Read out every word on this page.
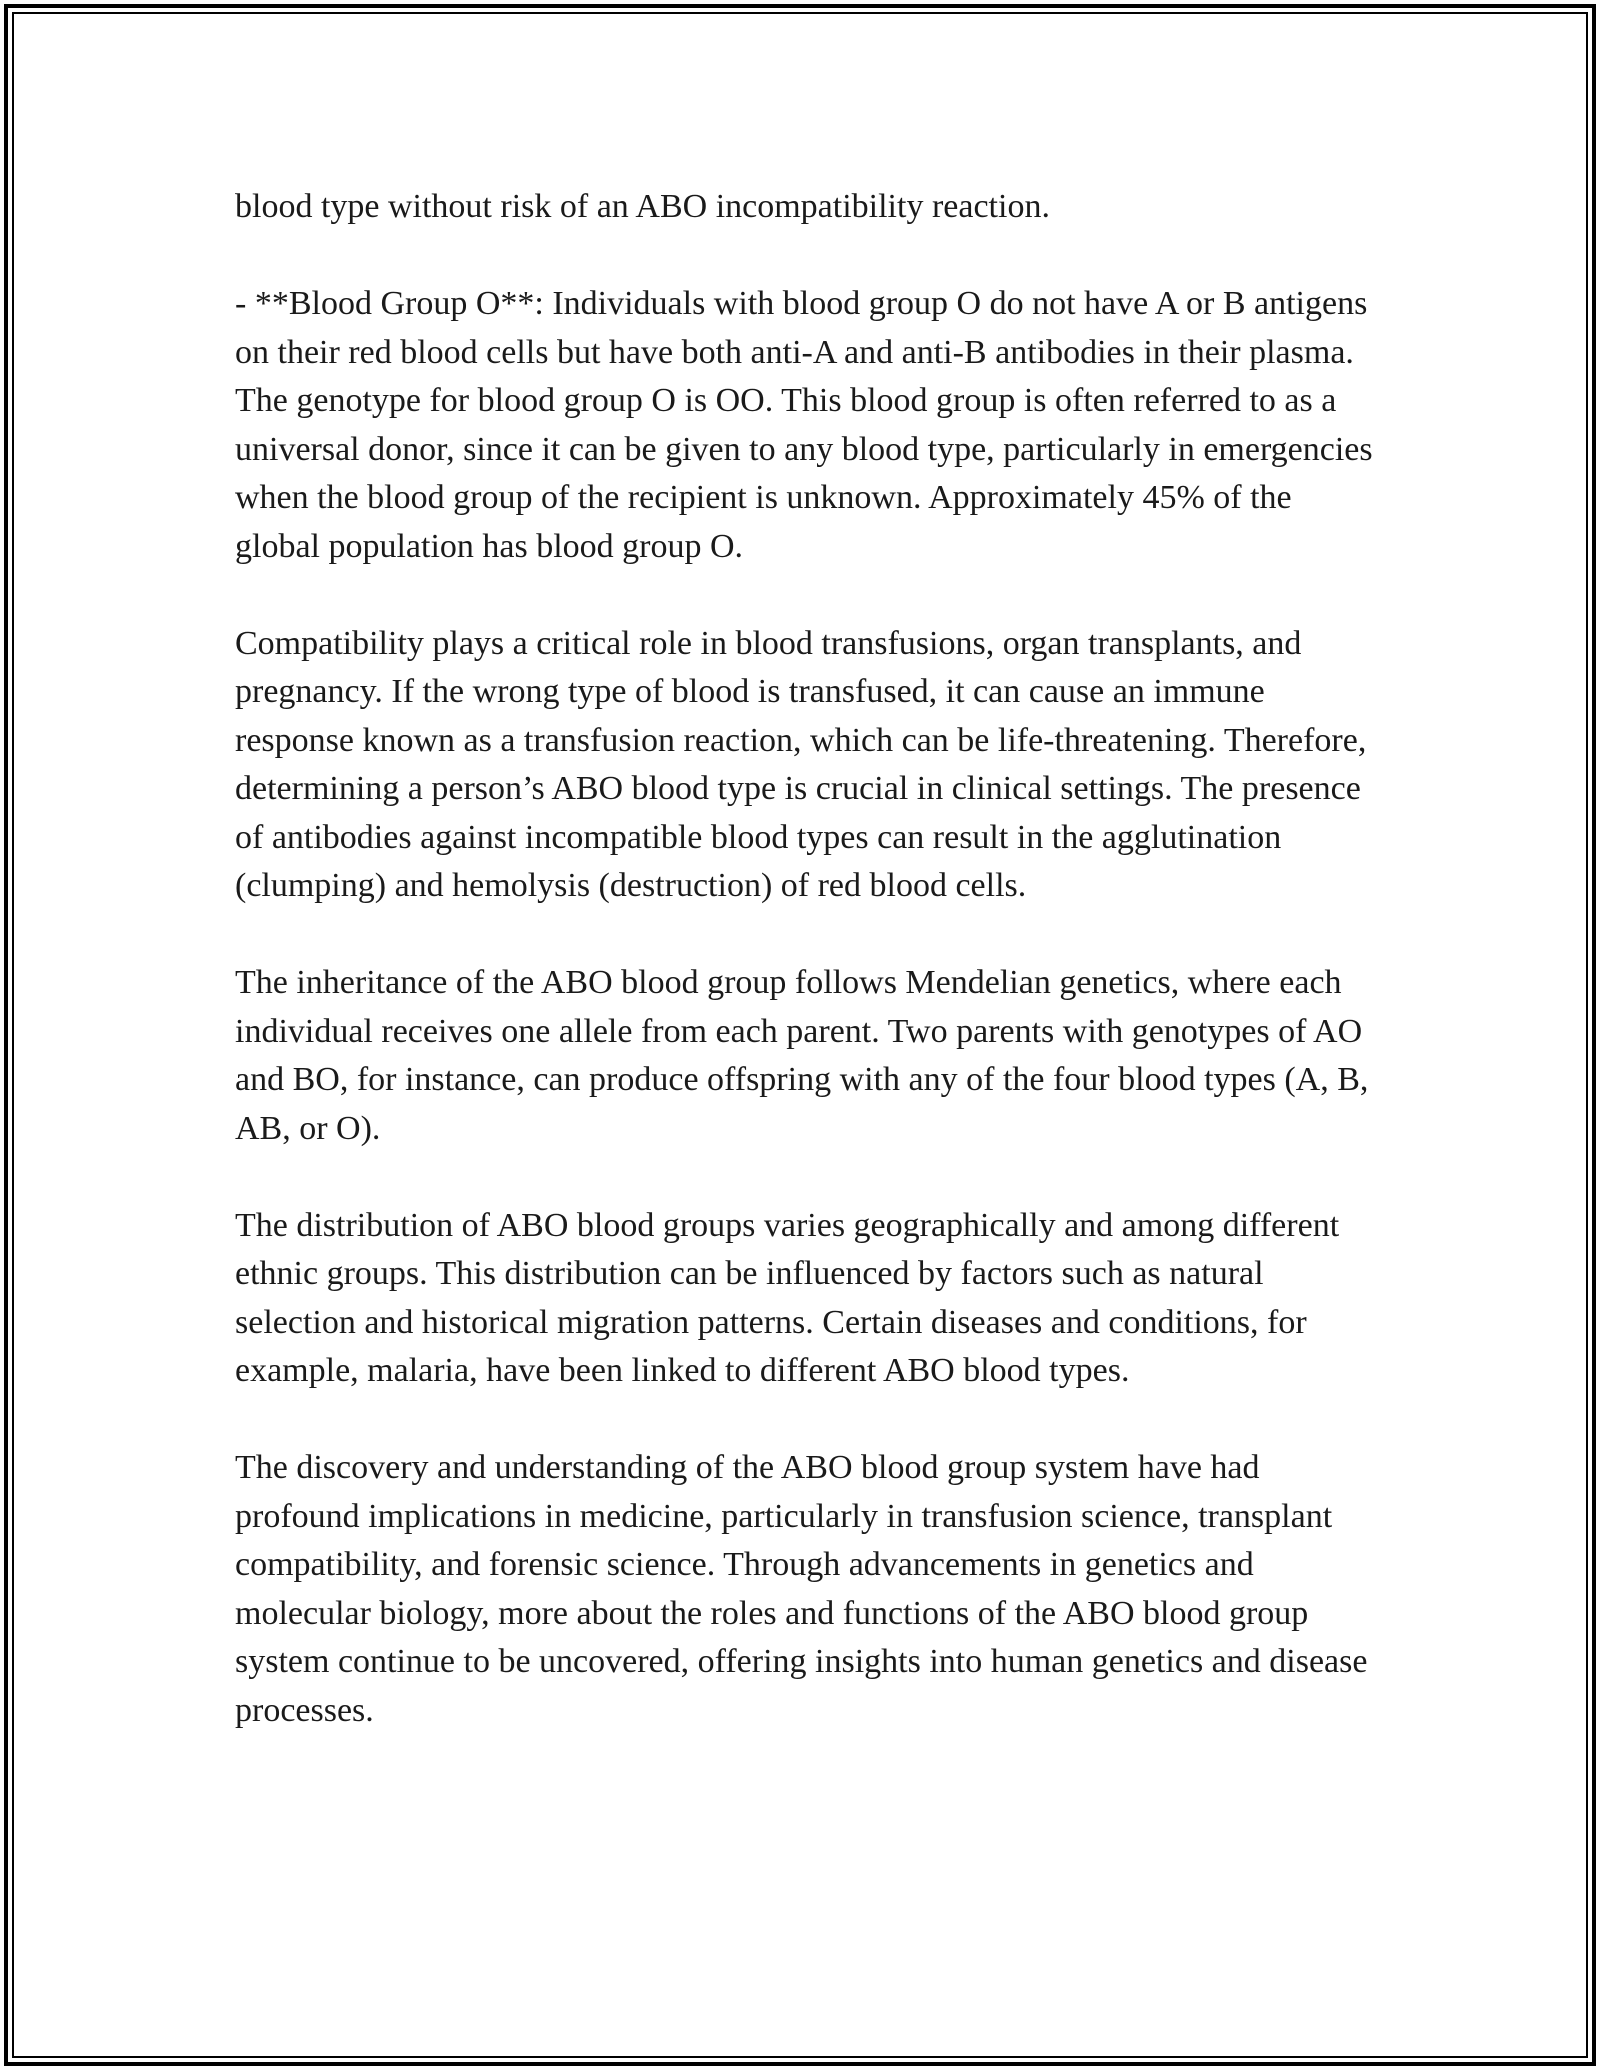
blood type without risk of an ABO incompatibility reaction.

- **Blood Group O**: Individuals with blood group O do not have A or B antigens on their red blood cells but have both anti-A and anti-B antibodies in their plasma. The genotype for blood group O is OO. This blood group is often referred to as a universal donor, since it can be given to any blood type, particularly in emergencies when the blood group of the recipient is unknown. Approximately 45% of the global population has blood group O.

Compatibility plays a critical role in blood transfusions, organ transplants, and pregnancy. If the wrong type of blood is transfused, it can cause an immune response known as a transfusion reaction, which can be life-threatening. Therefore, determining a person’s ABO blood type is crucial in clinical settings. The presence of antibodies against incompatible blood types can result in the agglutination (clumping) and hemolysis (destruction) of red blood cells.

The inheritance of the ABO blood group follows Mendelian genetics, where each individual receives one allele from each parent. Two parents with genotypes of AO and BO, for instance, can produce offspring with any of the four blood types (A, B, AB, or O).

The distribution of ABO blood groups varies geographically and among different ethnic groups. This distribution can be influenced by factors such as natural selection and historical migration patterns. Certain diseases and conditions, for example, malaria, have been linked to different ABO blood types.

The discovery and understanding of the ABO blood group system have had profound implications in medicine, particularly in transfusion science, transplant compatibility, and forensic science. Through advancements in genetics and molecular biology, more about the roles and functions of the ABO blood group system continue to be uncovered, offering insights into human genetics and disease processes.
